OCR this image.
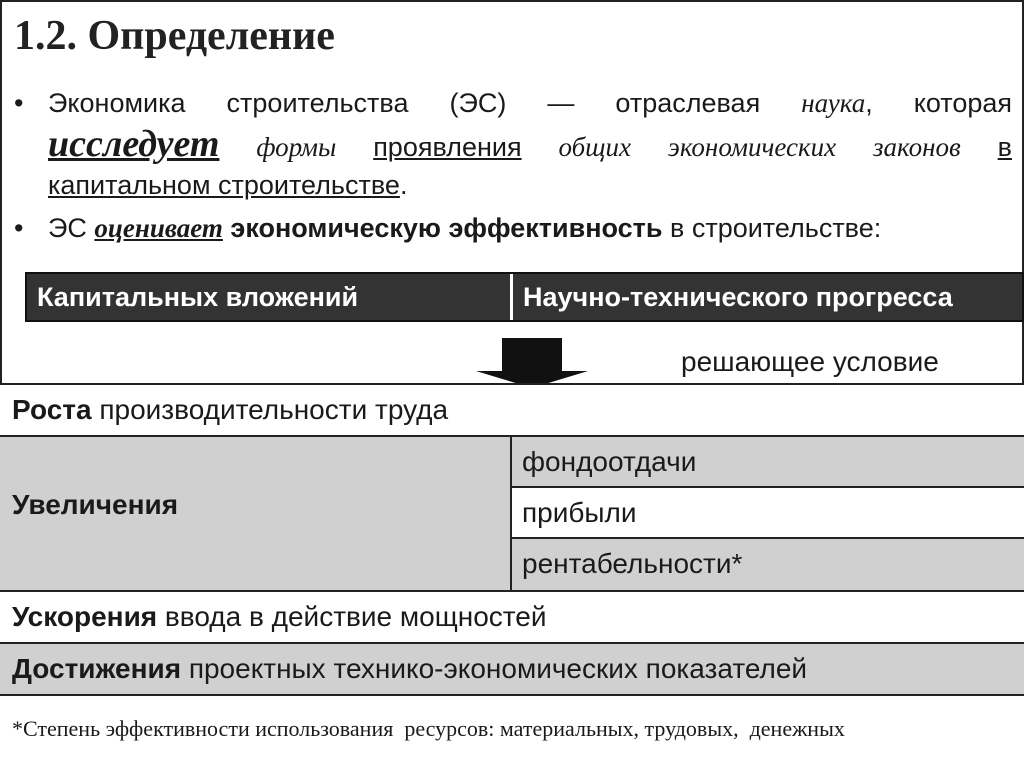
1.2. Определение
• Экономика строительства (ЭС) — отраслевая наука, которая
исследует формы проявления общих экономических законов в
капитальном строительстве.
• ЭС оценивает экономическую эффективность в строительстве:
Капитальных вложений	Научно-технического прогресса
решающее условие
Роста производительности труда
Увеличения
фондоотдачи
прибыли
рентабельности*
Ускорения ввода в действие мощностей
Достижения проектных технико-экономических показателей
*Степень эффективности использования  ресурсов: материальных, трудовых,  денежных
